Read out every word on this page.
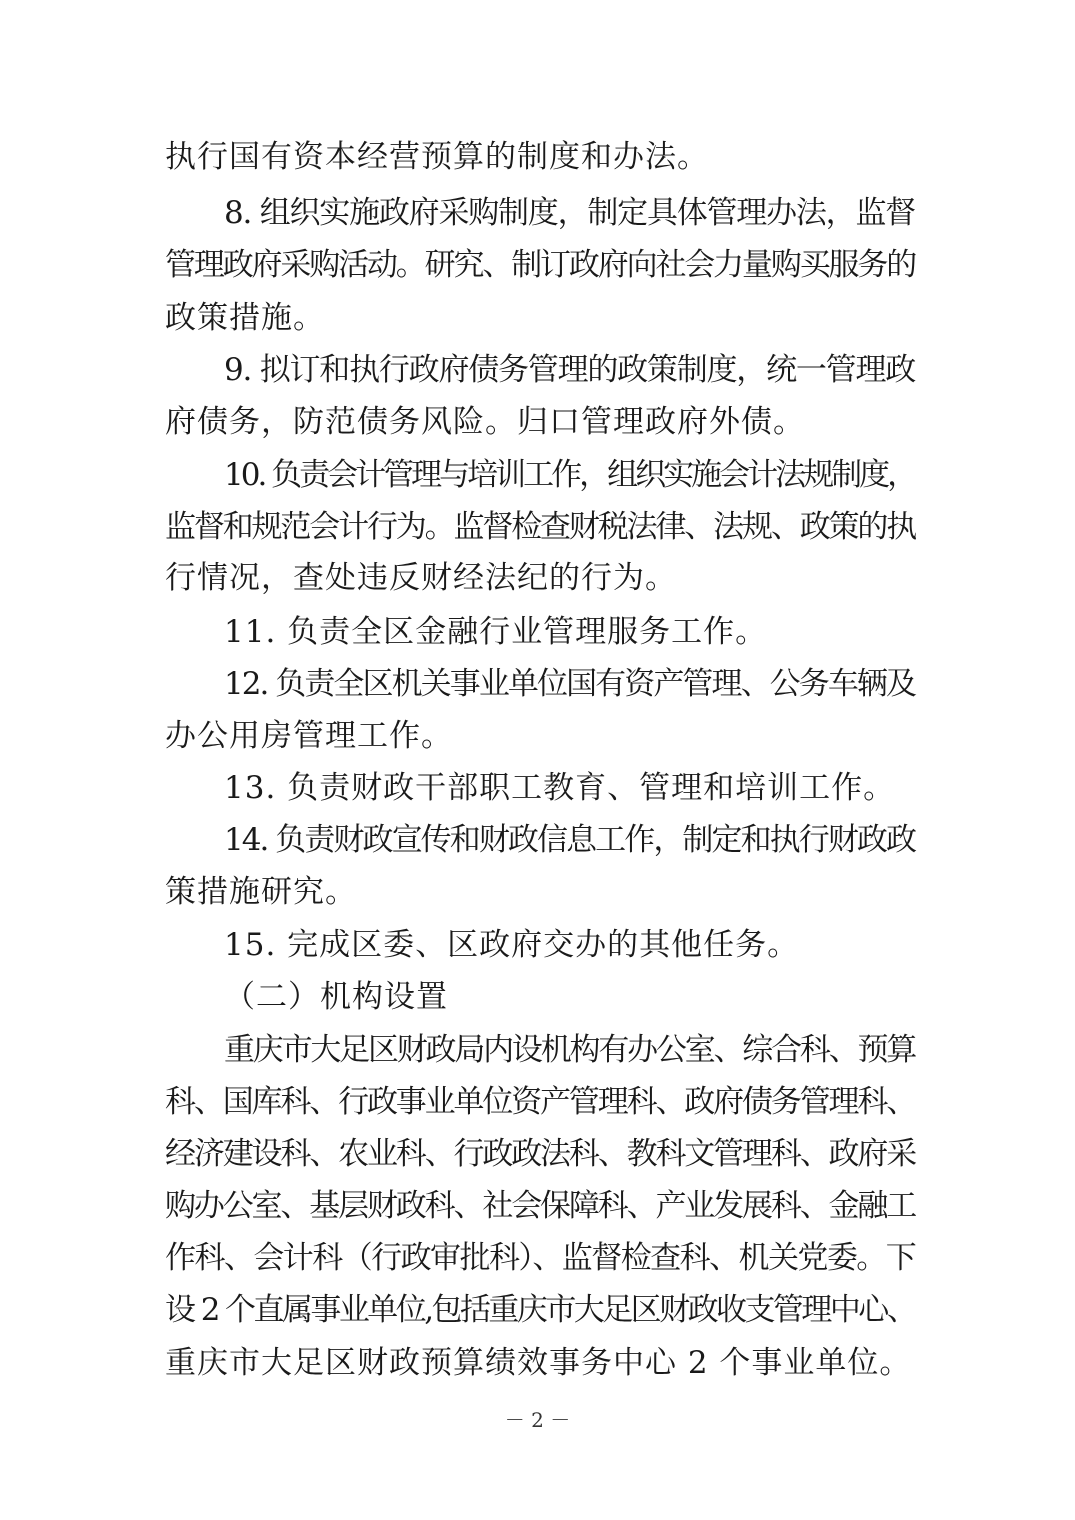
执行国有资本经营预算的制度和办法。
8. 组织实施政府采购制度，制定具体管理办法，监督
管理政府采购活动。研究、制订政府向社会力量购买服务的
政策措施。
9. 拟订和执行政府债务管理的政策制度，统一管理政
府债务，防范债务风险。归口管理政府外债。
10. 负责会计管理与培训工作，组织实施会计法规制度，
监督和规范会计行为。监督检查财税法律、法规、政策的执
行情况，查处违反财经法纪的行为。
11. 负责全区金融行业管理服务工作。
12. 负责全区机关事业单位国有资产管理、公务车辆及
办公用房管理工作。
13. 负责财政干部职工教育、管理和培训工作。
14. 负责财政宣传和财政信息工作，制定和执行财政政
策措施研究。
15. 完成区委、区政府交办的其他任务。
（二）机构设置
重庆市大足区财政局内设机构有办公室、综合科、预算
科、国库科、行政事业单位资产管理科、政府债务管理科、
经济建设科、农业科、行政政法科、教科文管理科、政府采
购办公室、基层财政科、社会保障科、产业发展科、金融工
作科、会计科（行政审批科）、监督检查科、机关党委。下
设 2 个直属事业单位,包括重庆市大足区财政收支管理中心、
重庆市大足区财政预算绩效事务中心 2 个事业单位。
－ 2 －
